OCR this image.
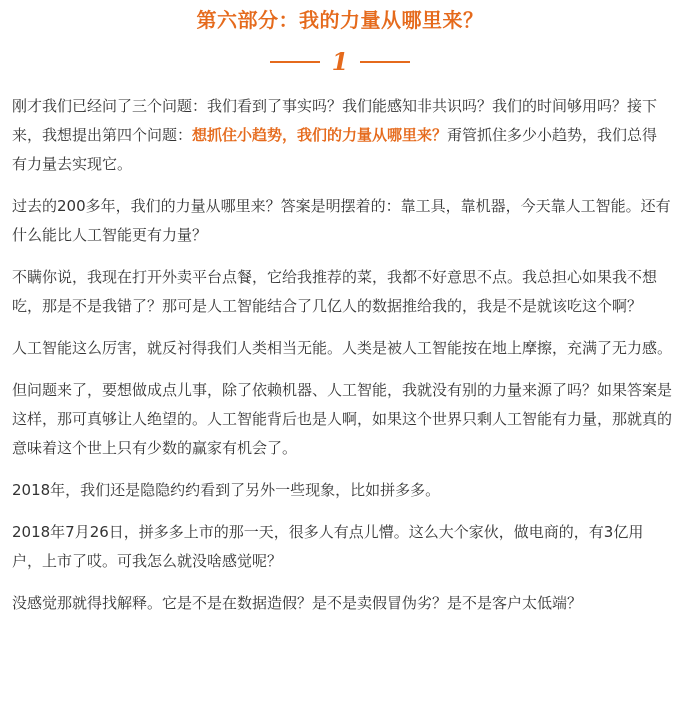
第六部分：我的力量从哪里来？
1

刚才我们已经问了三个问题：我们看到了事实吗？我们能感知非共识吗？我们的时间够用吗？接下来，我想提出第四个问题：想抓住小趋势，我们的力量从哪里来？甭管抓住多少小趋势，我们总得有力量去实现它。

过去的200多年，我们的力量从哪里来？答案是明摆着的：靠工具，靠机器，今天靠人工智能。还有什么能比人工智能更有力量？

不瞒你说，我现在打开外卖平台点餐，它给我推荐的菜，我都不好意思不点。我总担心如果我不想吃，那是不是我错了？那可是人工智能结合了几亿人的数据推给我的，我是不是就该吃这个啊？

人工智能这么厉害，就反衬得我们人类相当无能。人类是被人工智能按在地上摩擦，充满了无力感。

但问题来了，要想做成点儿事，除了依赖机器、人工智能，我就没有别的力量来源了吗？如果答案是这样，那可真够让人绝望的。人工智能背后也是人啊，如果这个世界只剩人工智能有力量，那就真的意味着这个世上只有少数的赢家有机会了。

2018年，我们还是隐隐约约看到了另外一些现象，比如拼多多。

2018年7月26日，拼多多上市的那一天，很多人有点儿懵。这么大个家伙，做电商的，有3亿用户，上市了哎。可我怎么就没啥感觉呢？

没感觉那就得找解释。它是不是在数据造假？是不是卖假冒伪劣？是不是客户太低端？
